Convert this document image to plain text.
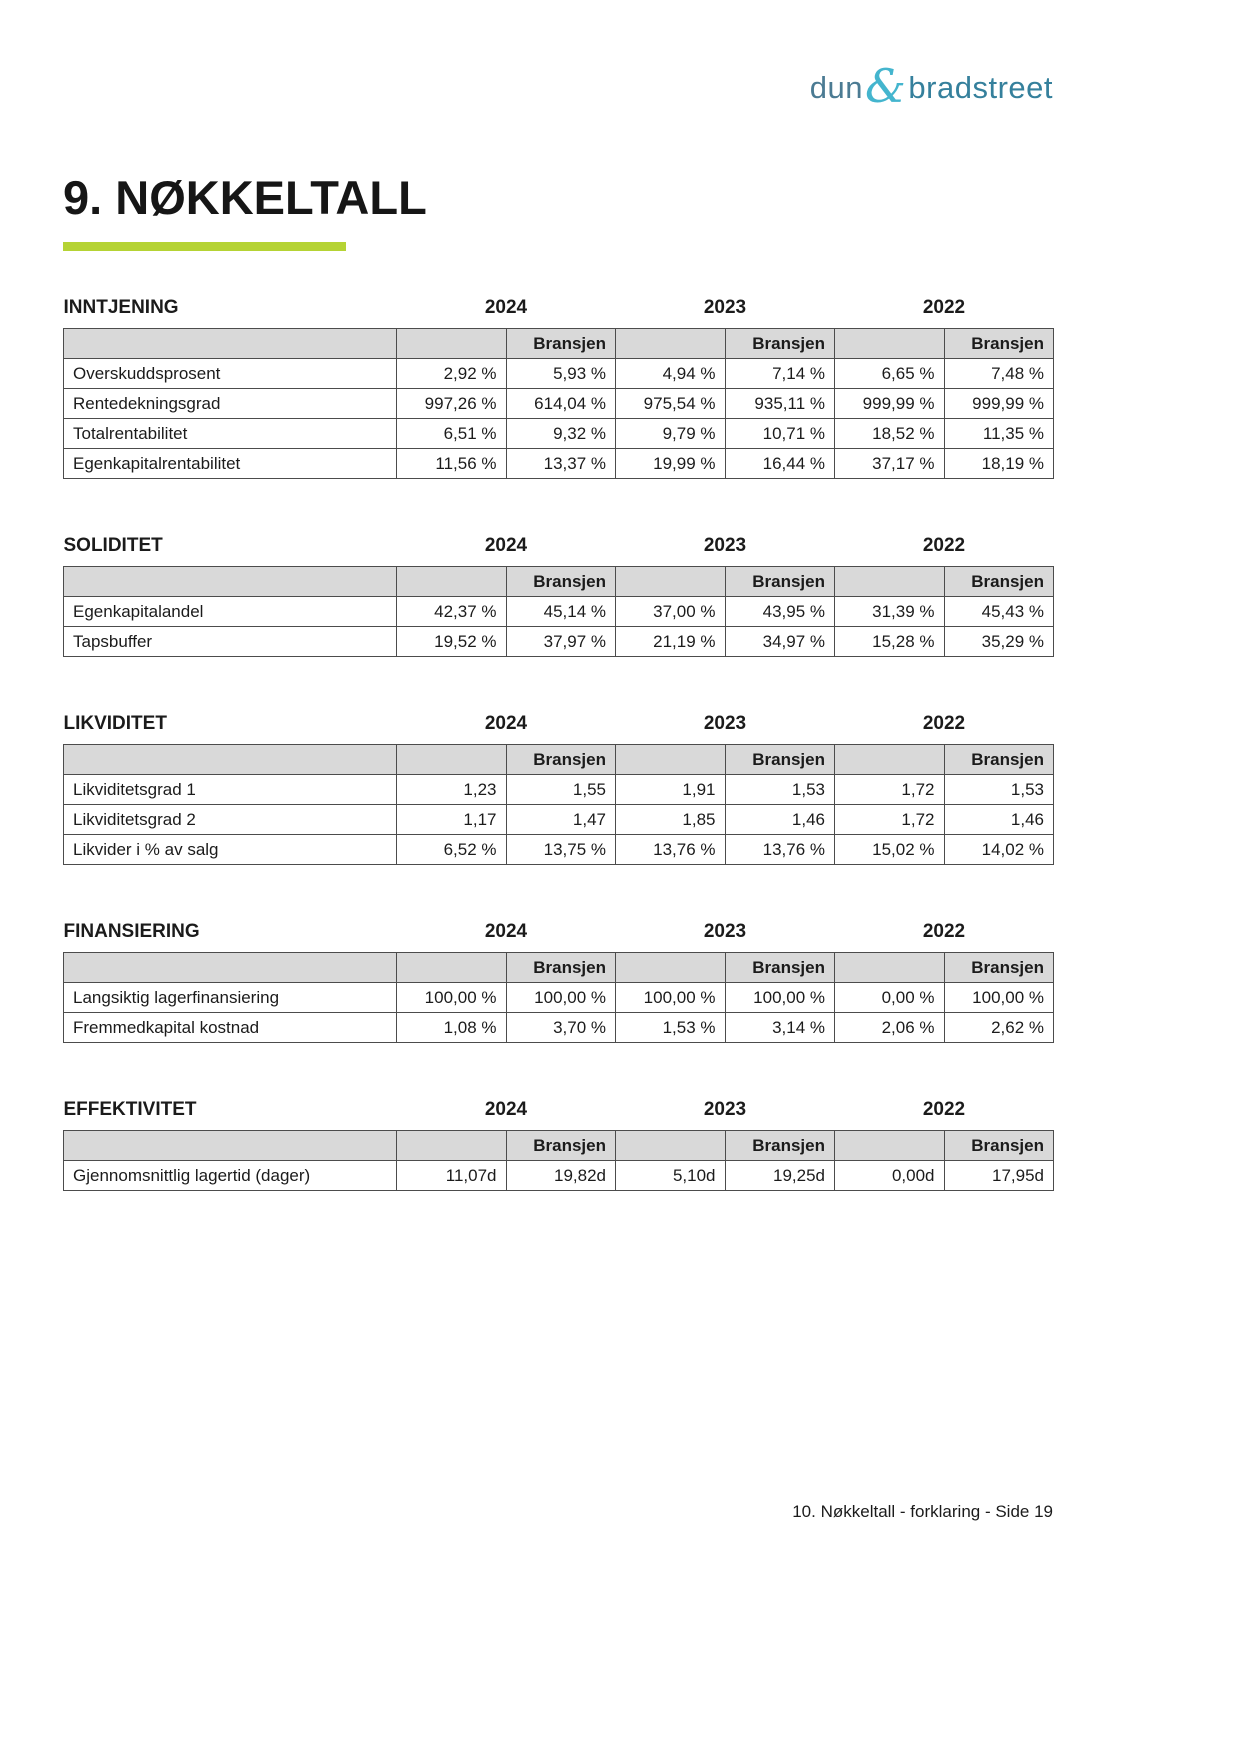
dun & bradstreet
9. NØKKELTALL
INNTJENING	2024		2023		2022	
		Bransjen		Bransjen		Bransjen
Overskuddsprosent	2,92 %	5,93 %	4,94 %	7,14 %	6,65 %	7,48 %
Rentedekningsgrad	997,26 %	614,04 %	975,54 %	935,11 %	999,99 %	999,99 %
Totalrentabilitet	6,51 %	9,32 %	9,79 %	10,71 %	18,52 %	11,35 %
Egenkapitalrentabilitet	11,56 %	13,37 %	19,99 %	16,44 %	37,17 %	18,19 %
SOLIDITET	2024		2023		2022	
		Bransjen		Bransjen		Bransjen
Egenkapitalandel	42,37 %	45,14 %	37,00 %	43,95 %	31,39 %	45,43 %
Tapsbuffer	19,52 %	37,97 %	21,19 %	34,97 %	15,28 %	35,29 %
LIKVIDITET	2024		2023		2022	
		Bransjen		Bransjen		Bransjen
Likviditetsgrad 1	1,23	1,55	1,91	1,53	1,72	1,53
Likviditetsgrad 2	1,17	1,47	1,85	1,46	1,72	1,46
Likvider i % av salg	6,52 %	13,75 %	13,76 %	13,76 %	15,02 %	14,02 %
FINANSIERING	2024		2023		2022	
		Bransjen		Bransjen		Bransjen
Langsiktig lagerfinansiering	100,00 %	100,00 %	100,00 %	100,00 %	0,00 %	100,00 %
Fremmedkapital kostnad	1,08 %	3,70 %	1,53 %	3,14 %	2,06 %	2,62 %
EFFEKTIVITET	2024		2023		2022	
		Bransjen		Bransjen		Bransjen
Gjennomsnittlig lagertid (dager)	11,07d	19,82d	5,10d	19,25d	0,00d	17,95d
10. Nøkkeltall - forklaring - Side 19
